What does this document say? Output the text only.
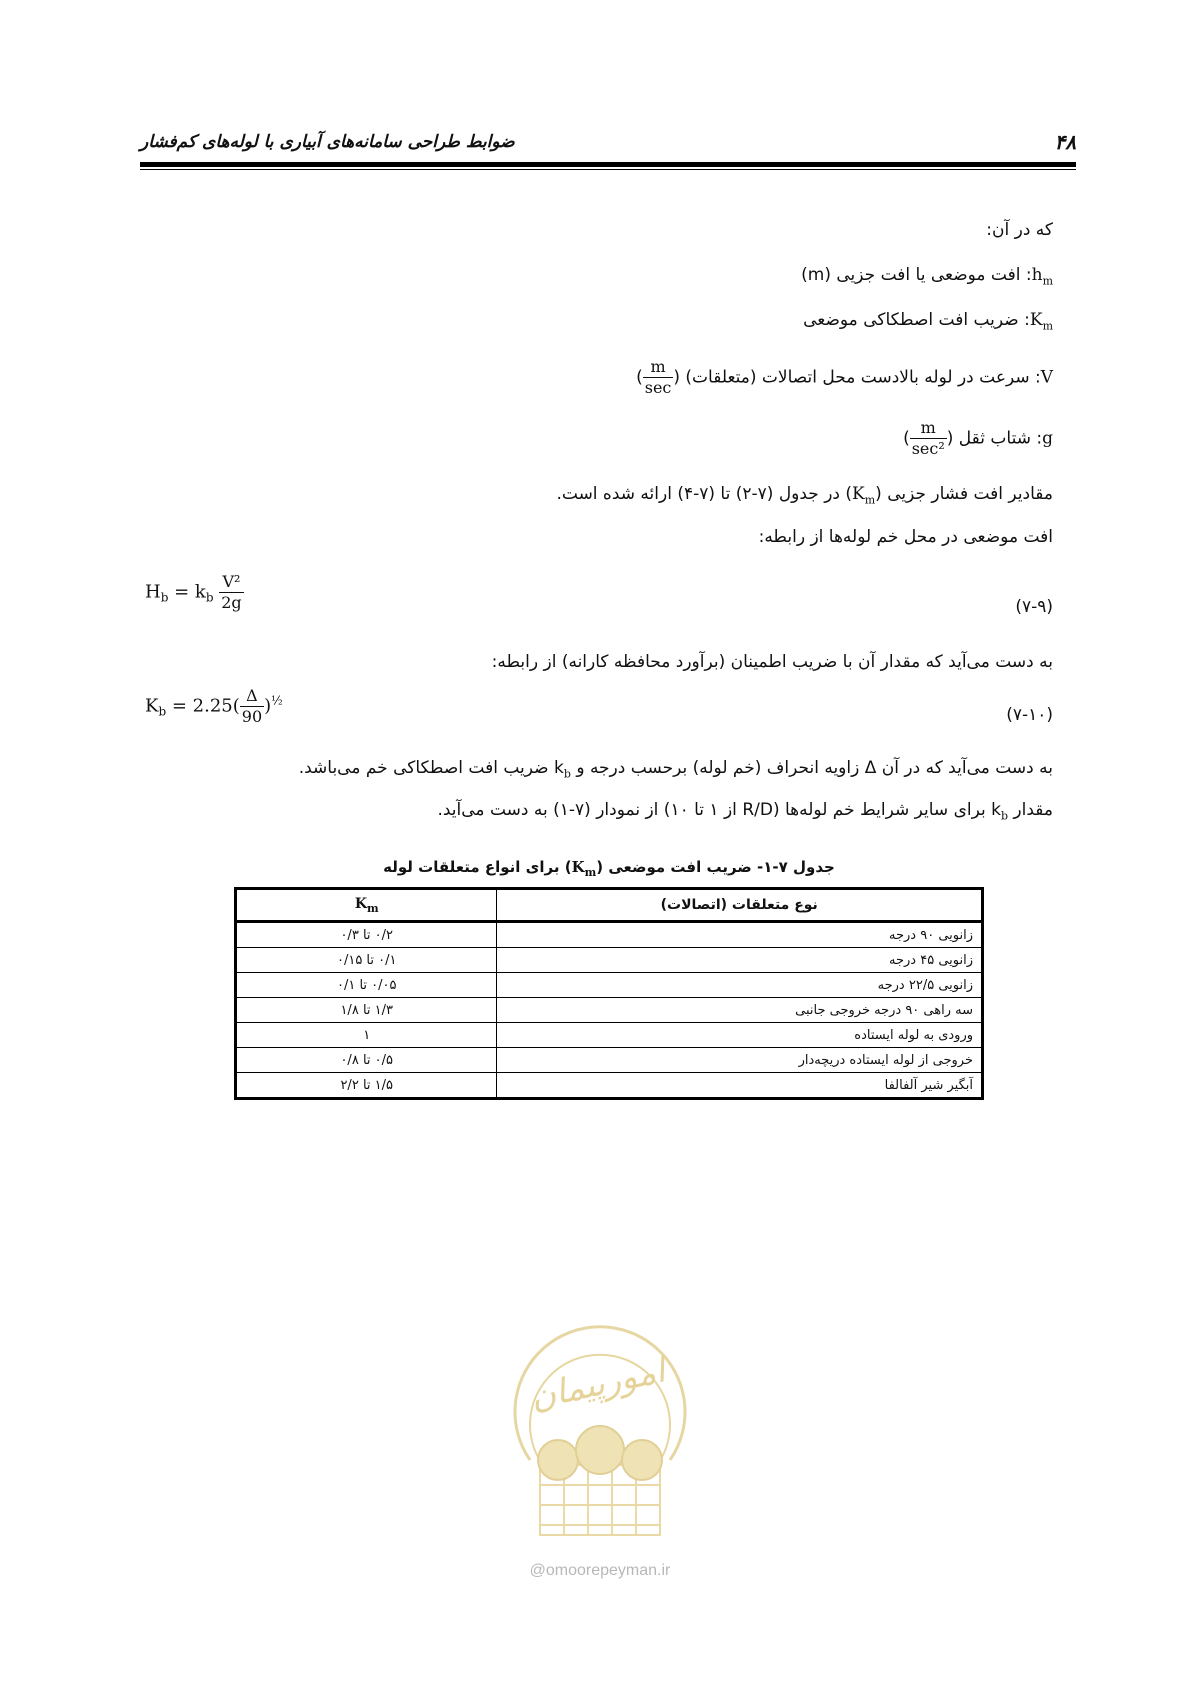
۴۸
ضوابط طراحی سامانه‌های آبیاری با لوله‌های کم‌فشار
که در آن:
$h_m$: افت موضعی یا افت جزیی (m)
$K_m$: ضریب افت اصطکاکی موضعی
V: سرعت در لوله بالادست محل اتصالات (متعلقات) (
$\frac{m}{\sec}$
)
g: شتاب ثقل (
$\frac{m}{\text{sec²}}$
)
مقادیر افت فشار جزیی $(K_m)$ در جدول (۷-۲) تا (۷-۴) ارائه شده است.
افت موضعی در محل خم لوله‌ها از رابطه:
(۷-۹)
$H_b = k_b \frac{\text{V²}}{2g}$
به دست می‌آید که مقدار آن با ضریب اطمینان (برآورد محافظه کارانه) از رابطه:
(۷-۱۰)
$K_b = 2.25( \frac{\Delta}{90} )^{\frac{1}{2}}$
به دست می‌آید که در آن Δ زاویه انحراف (خم لوله) برحسب درجه و $k_b$ ضریب افت اصطکاکی خم می‌باشد.
مقدار $k_b$ برای سایر شرایط خم لوله‌ها (R/D از ۱ تا ۱۰) از نمودار (۷-۱) به دست می‌آید.
جدول ۷-۱- ضریب افت موضعی $(K_m)$ برای انواع متعلقات لوله
نوع متعلقات (اتصالات)	$K_m$
زانویی ۹۰ درجه	۰/۲ تا ۰/۳
زانویی ۴۵ درجه	۰/۱ تا ۰/۱۵
زانویی ۲۲/۵ درجه	۰/۰۵ تا ۰/۱
سه راهی ۹۰ درجه خروجی جانبی	۱/۳ تا ۱/۸
ورودی به لوله ایستاده	۱
خروجی از لوله ایستاده دریچه‌دار	۰/۵ تا ۰/۸
آبگیر شیر آلفالفا	۱/۵ تا ۲/۲
امورپیمان
@omoorepeyman.ir
